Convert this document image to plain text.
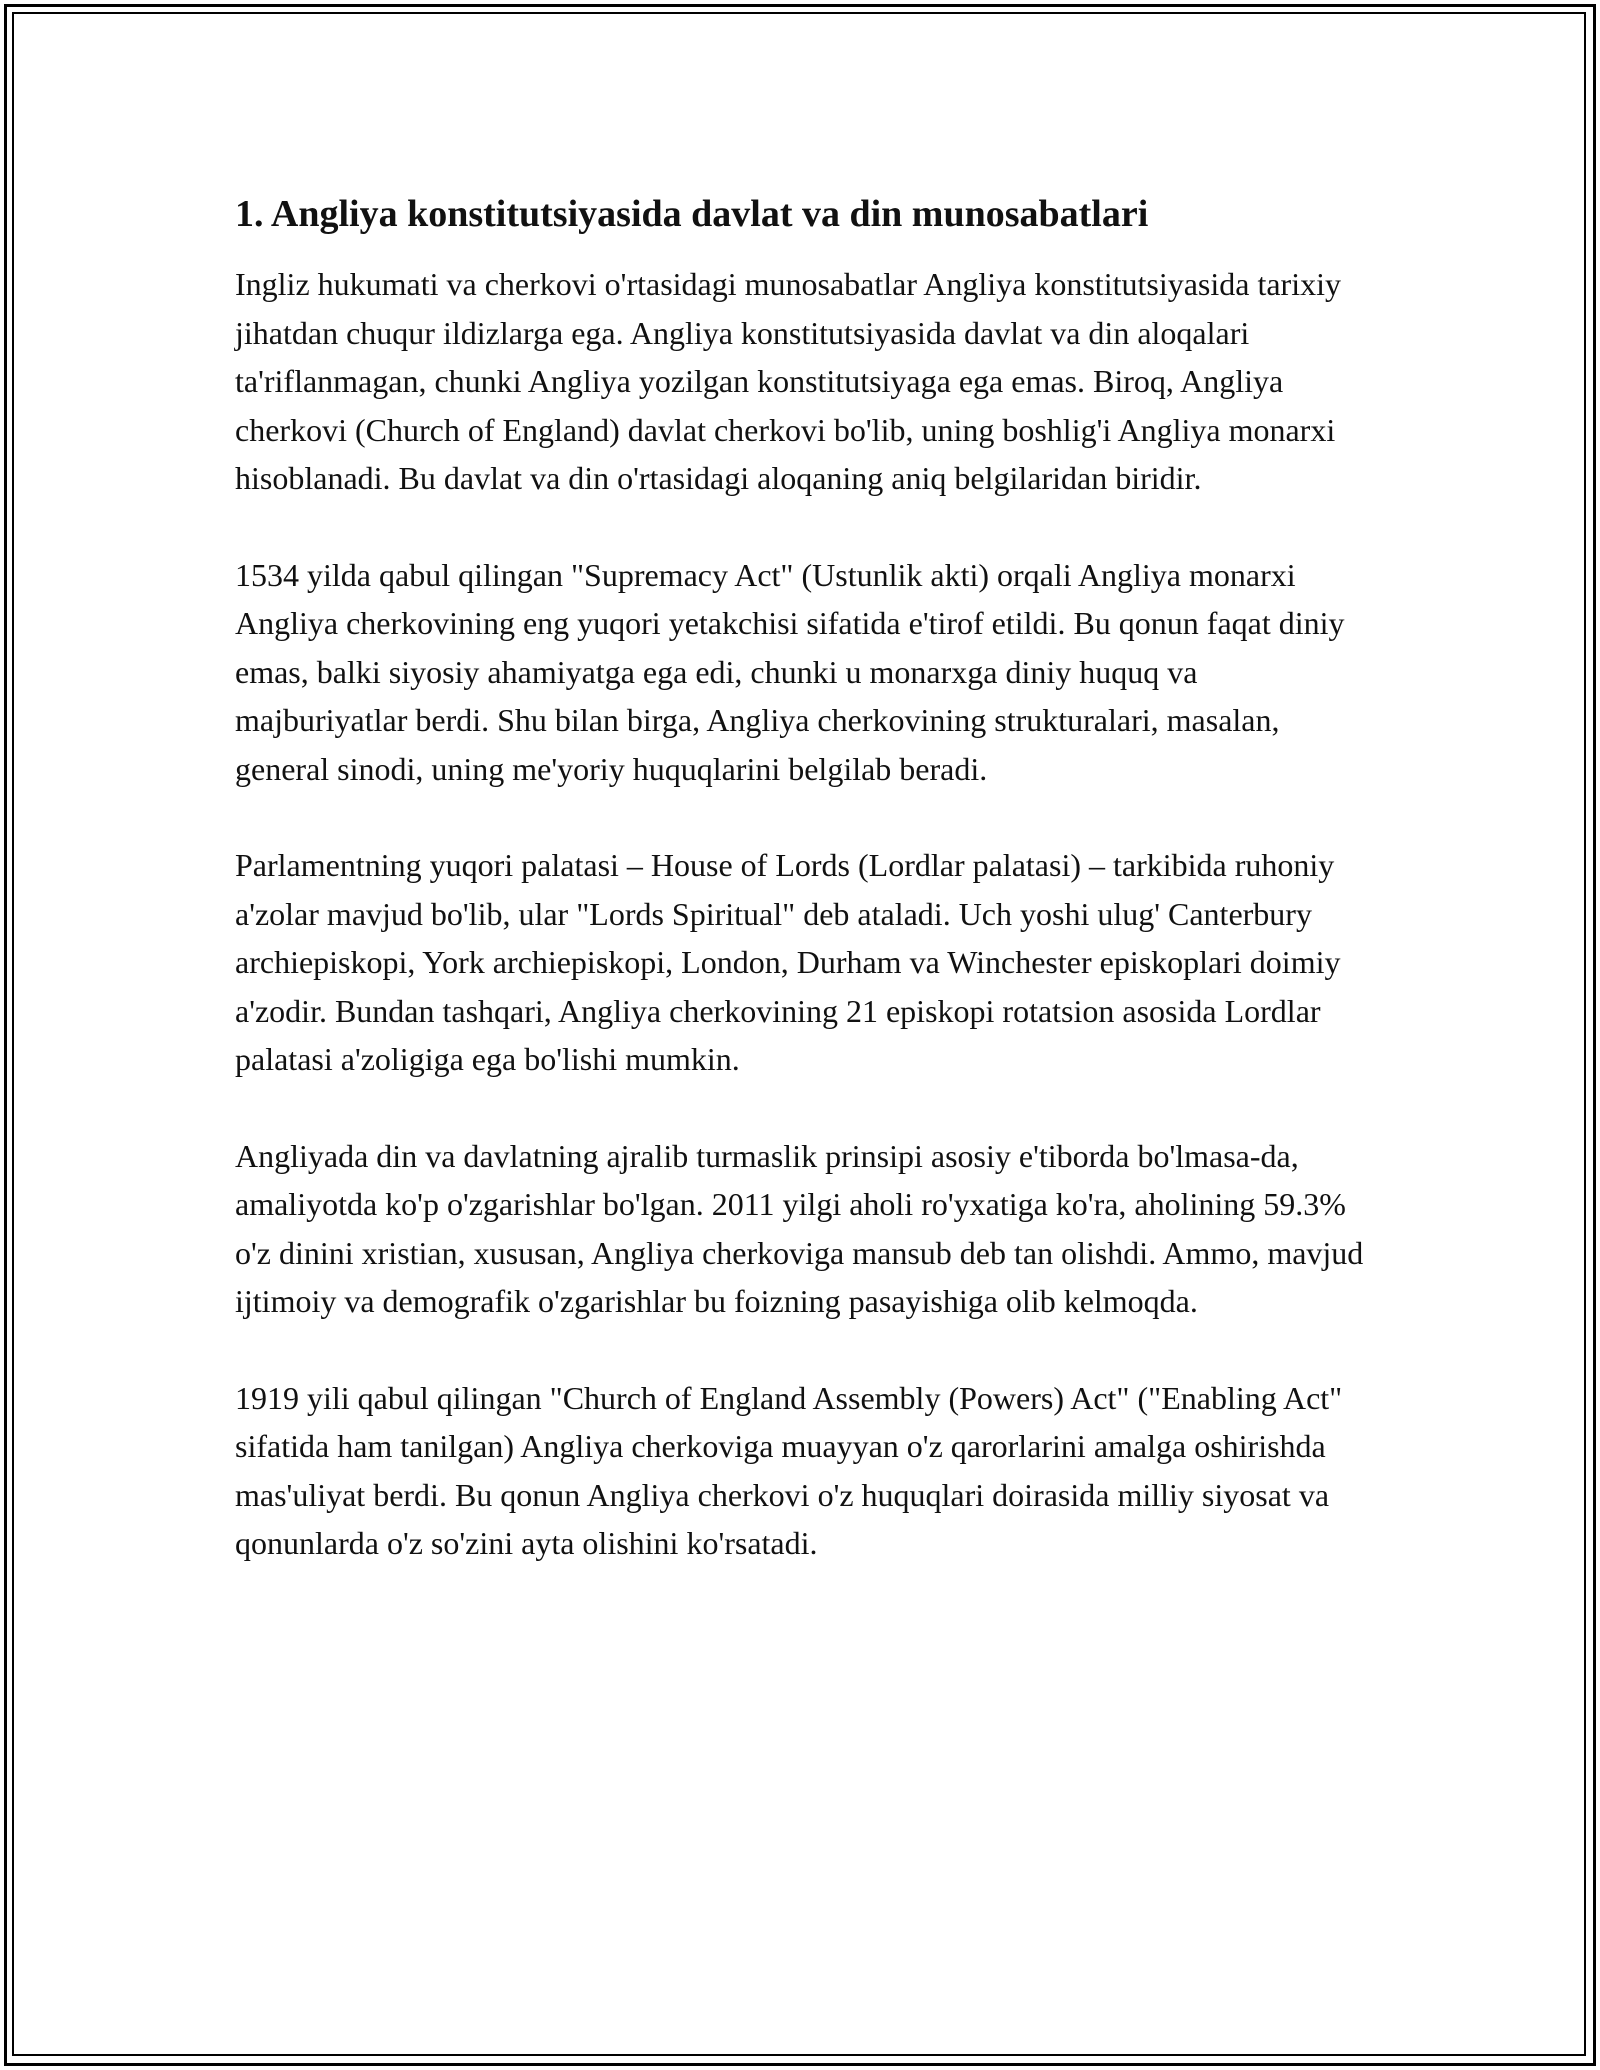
1. Angliya konstitutsiyasida davlat va din munosabatlari

Ingliz hukumati va cherkovi o'rtasidagi munosabatlar Angliya konstitutsiyasida tarixiy jihatdan chuqur ildizlarga ega. Angliya konstitutsiyasida davlat va din aloqalari ta'riflanmagan, chunki Angliya yozilgan konstitutsiyaga ega emas. Biroq, Angliya cherkovi (Church of England) davlat cherkovi bo'lib, uning boshlig'i Angliya monarxi hisoblanadi. Bu davlat va din o'rtasidagi aloqaning aniq belgilaridan biridir.

1534 yilda qabul qilingan "Supremacy Act" (Ustunlik akti) orqali Angliya monarxi Angliya cherkovining eng yuqori yetakchisi sifatida e'tirof etildi. Bu qonun faqat diniy emas, balki siyosiy ahamiyatga ega edi, chunki u monarxga diniy huquq va majburiyatlar berdi. Shu bilan birga, Angliya cherkovining strukturalari, masalan, general sinodi, uning me'yoriy huquqlarini belgilab beradi.

Parlamentning yuqori palatasi – House of Lords (Lordlar palatasi) – tarkibida ruhoniy a'zolar mavjud bo'lib, ular "Lords Spiritual" deb ataladi. Uch yoshi ulug' Canterbury archiepiskopi, York archiepiskopi, London, Durham va Winchester episkoplari doimiy a'zodir. Bundan tashqari, Angliya cherkovining 21 episkopi rotatsion asosida Lordlar palatasi a'zoligiga ega bo'lishi mumkin.

Angliyada din va davlatning ajralib turmaslik prinsipi asosiy e'tiborda bo'lmasa-da, amaliyotda ko'p o'zgarishlar bo'lgan. 2011 yilgi aholi ro'yxatiga ko'ra, aholining 59.3% o'z dinini xristian, xususan, Angliya cherkoviga mansub deb tan olishdi. Ammo, mavjud ijtimoiy va demografik o'zgarishlar bu foizning pasayishiga olib kelmoqda.

1919 yili qabul qilingan "Church of England Assembly (Powers) Act" ("Enabling Act" sifatida ham tanilgan) Angliya cherkoviga muayyan o'z qarorlarini amalga oshirishda mas'uliyat berdi. Bu qonun Angliya cherkovi o'z huquqlari doirasida milliy siyosat va qonunlarda o'z so'zini ayta olishini ko'rsatadi.
